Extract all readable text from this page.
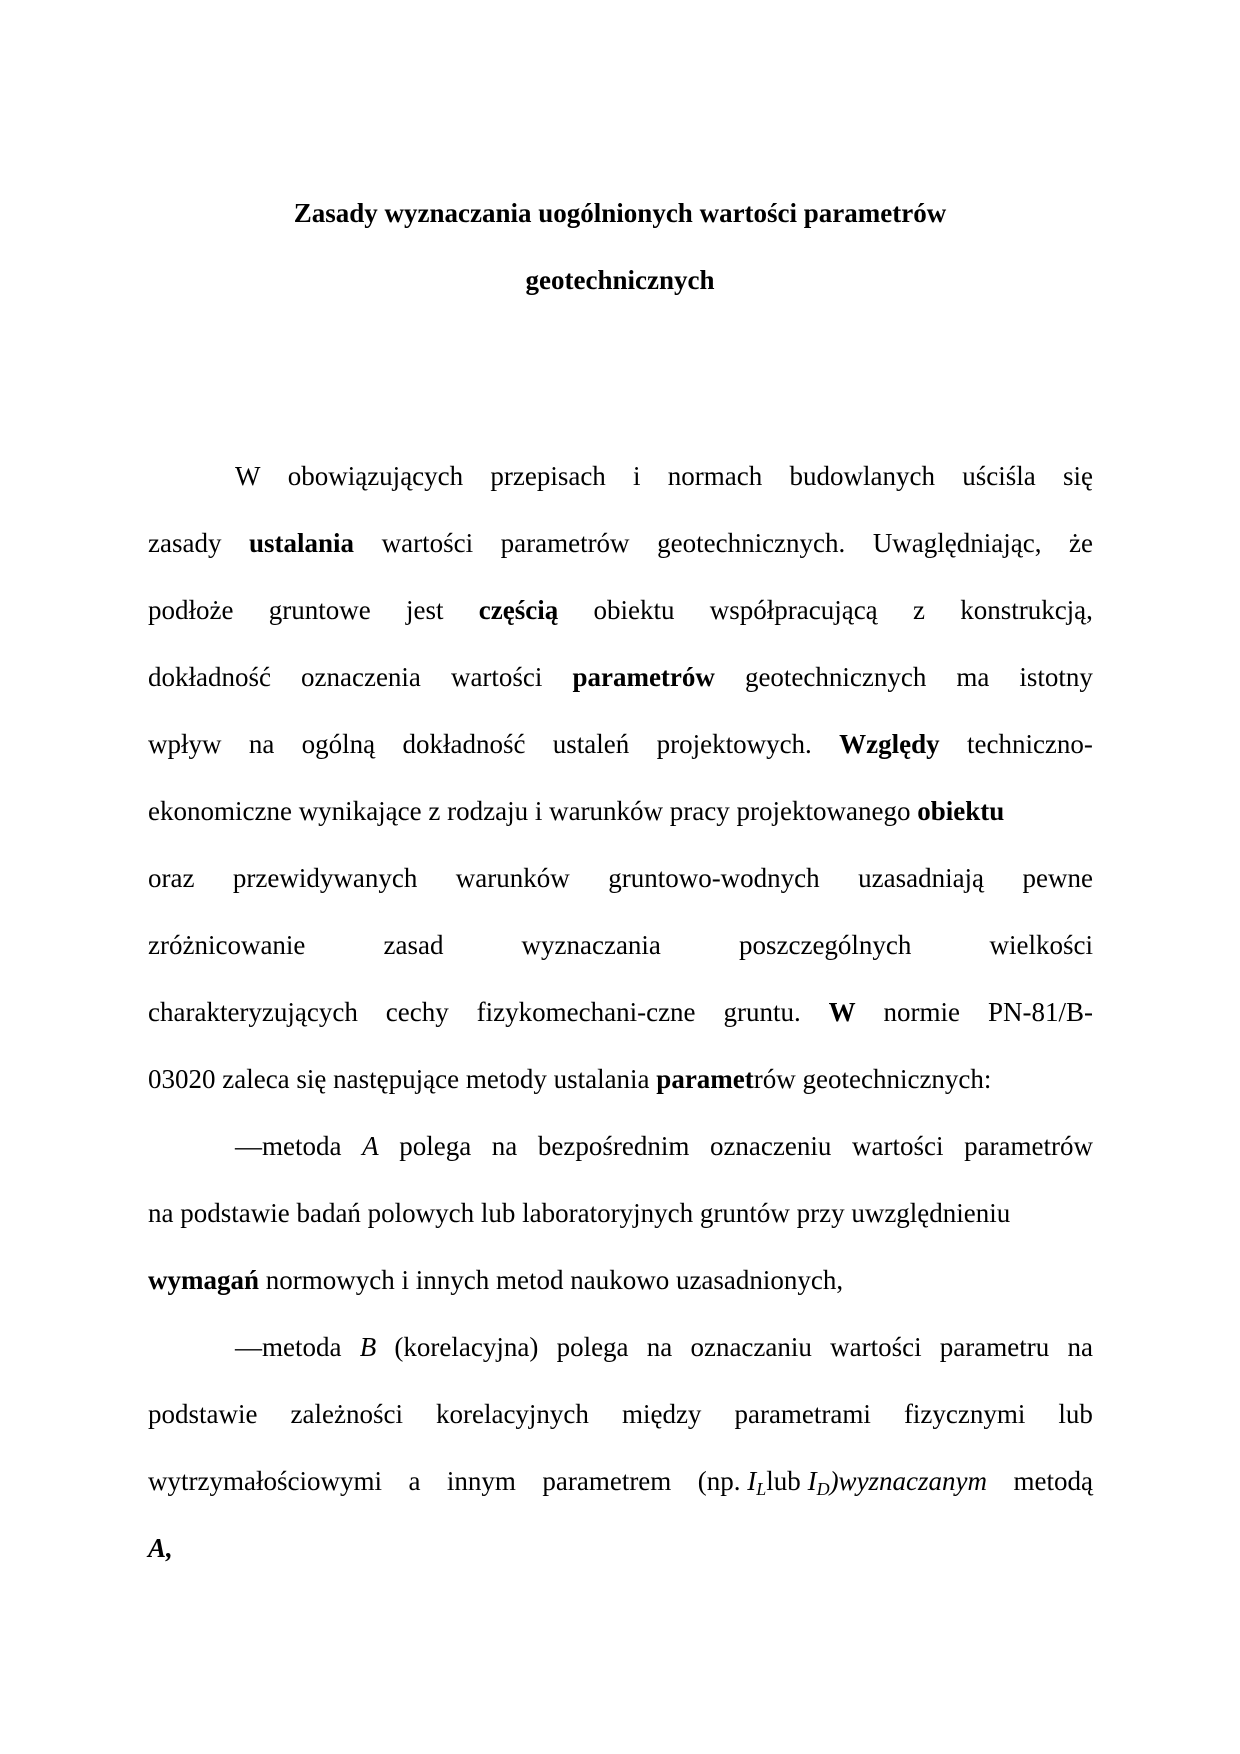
Zasady wyznaczania uogólnionych wartości parametrów
geotechnicznych
W obowiązujących przepisach i normach budowlanych uściśla się
zasady ustalania wartości parametrów geotechnicznych. Uwaględniając, że
podłoże gruntowe jest częścią obiektu współpracującą z konstrukcją,
dokładność oznaczenia wartości parametrów geotechnicznych ma istotny
wpływ na ogólną dokładność ustaleń projektowych. Względy techniczno-
ekonomiczne wynikające z rodzaju i warunków pracy projektowanego obiektu
oraz przewidywanych warunków gruntowo-wodnych uzasadniają pewne
zróżnicowanie	zasad	wyznaczania	poszczególnych	wielkości
charakteryzujących cechy fizykomechani-czne gruntu. W normie PN-81/B-
03020 zaleca się następujące metody ustalania parametrów geotechnicznych:
—metoda A polega na bezpośrednim oznaczeniu wartości parametrów
na podstawie badań polowych lub laboratoryjnych gruntów przy uwzględnieniu
wymagań normowych i innych metod naukowo uzasadnionych,
—metoda B (korelacyjna) polega na oznaczaniu wartości parametru na
podstawie zależności korelacyjnych między parametrami fizycznymi lub
wytrzymałościowymi a innym parametrem (np. $I_Llub$ $I_D)wyznaczanym$ metodą
A,
